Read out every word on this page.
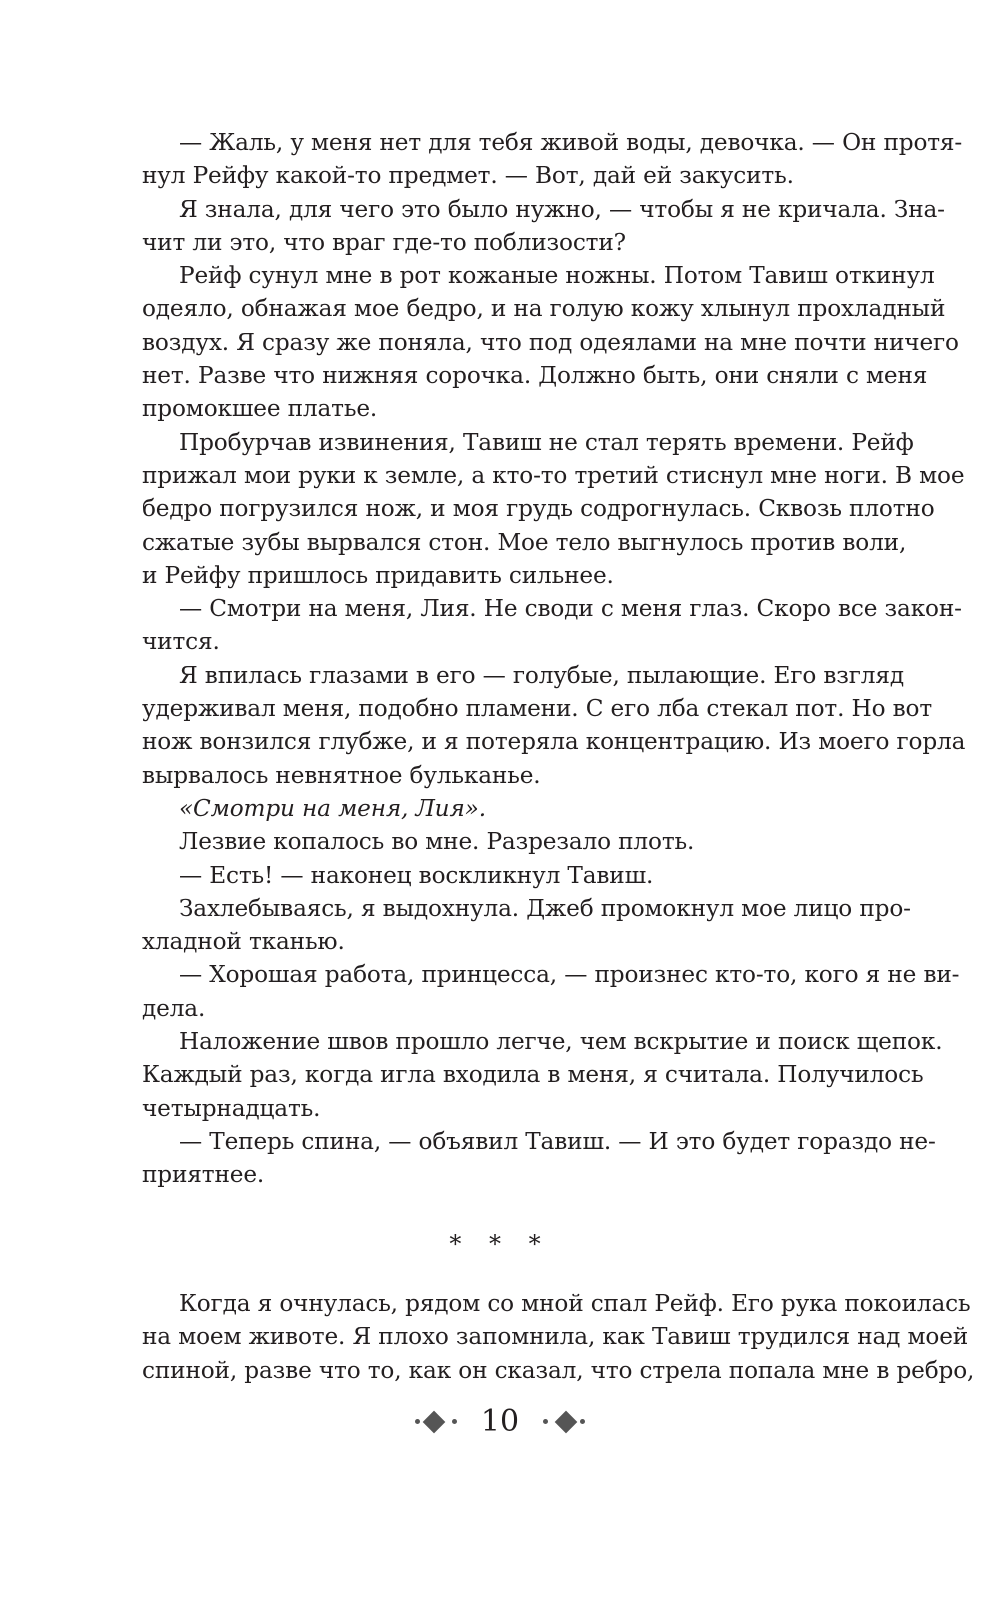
— Жаль, у меня нет для тебя живой воды, девочка. — Он протя-
нул Рейфу какой-то предмет. — Вот, дай ей закусить.
Я знала, для чего это было нужно, — чтобы я не кричала. Зна-
чит ли это, что враг где-то поблизости?
Рейф сунул мне в рот кожаные ножны. Потом Тавиш откинул
одеяло, обнажая мое бедро, и на голую кожу хлынул прохладный
воздух. Я сразу же поняла, что под одеялами на мне почти ничего
нет. Разве что нижняя сорочка. Должно быть, они сняли с меня
промокшее платье.
Пробурчав извинения, Тавиш не стал терять времени. Рейф
прижал мои руки к земле, а кто-то третий стиснул мне ноги. В мое
бедро погрузился нож, и моя грудь содрогнулась. Сквозь плотно
сжатые зубы вырвался стон. Мое тело выгнулось против воли,
и Рейфу пришлось придавить сильнее.
— Смотри на меня, Лия. Не своди с меня глаз. Скоро все закон-
чится.
Я впилась глазами в его — голубые, пылающие. Его взгляд
удерживал меня, подобно пламени. С его лба стекал пот. Но вот
нож вонзился глубже, и я потеряла концентрацию. Из моего горла
вырвалось невнятное бульканье.
«Смотри на меня, Лия».
Лезвие копалось во мне. Разрезало плоть.
— Есть! — наконец воскликнул Тавиш.
Захлебываясь, я выдохнула. Джеб промокнул мое лицо про-
хладной тканью.
— Хорошая работа, принцесса, — произнес кто-то, кого я не ви-
дела.
Наложение швов прошло легче, чем вскрытие и поиск щепок.
Каждый раз, когда игла входила в меня, я считала. Получилось
четырнадцать.
— Теперь спина, — объявил Тавиш. — И это будет гораздо не-
приятнее.
* * *
Когда я очнулась, рядом со мной спал Рейф. Его рука покоилась
на моем животе. Я плохо запомнила, как Тавиш трудился над моей
спиной, разве что то, как он сказал, что стрела попала мне в ребро,
10
